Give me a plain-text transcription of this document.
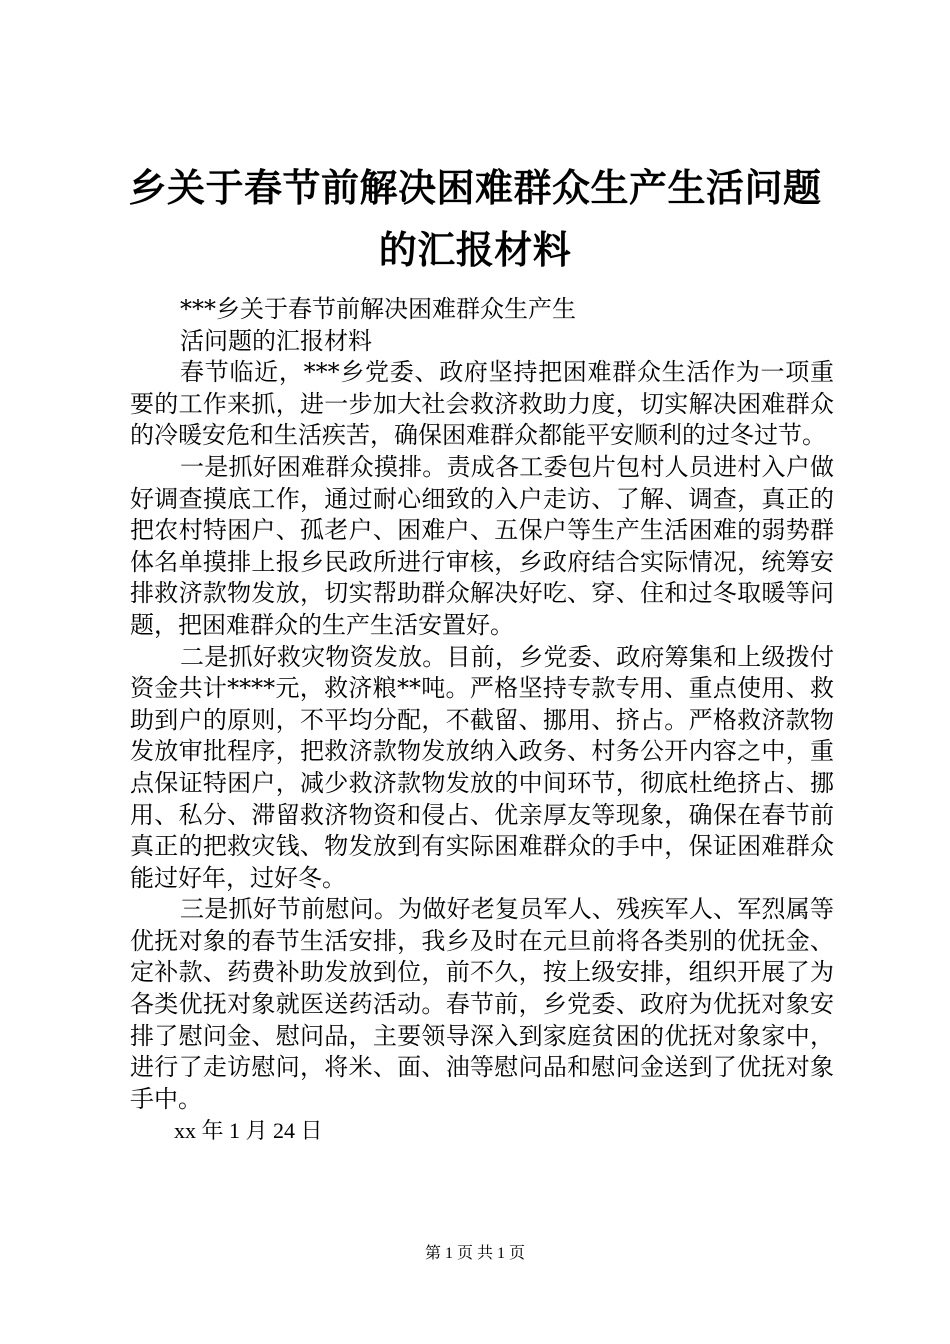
乡关于春节前解决困难群众生产生活问题的汇报材料

***乡关于春节前解决困难群众生产生
活问题的汇报材料

春节临近，***乡党委、政府坚持把困难群众生活作为一项重要的工作来抓，进一步加大社会救济救助力度，切实解决困难群众的冷暖安危和生活疾苦，确保困难群众都能平安顺利的过冬过节。

一是抓好困难群众摸排。责成各工委包片包村人员进村入户做好调查摸底工作，通过耐心细致的入户走访、了解、调查，真正的把农村特困户、孤老户、困难户、五保户等生产生活困难的弱势群体名单摸排上报乡民政所进行审核，乡政府结合实际情况，统筹安排救济款物发放，切实帮助群众解决好吃、穿、住和过冬取暖等问题，把困难群众的生产生活安置好。

二是抓好救灾物资发放。目前，乡党委、政府筹集和上级拨付资金共计****元，救济粮**吨。严格坚持专款专用、重点使用、救助到户的原则，不平均分配，不截留、挪用、挤占。严格救济款物发放审批程序，把救济款物发放纳入政务、村务公开内容之中，重点保证特困户，减少救济款物发放的中间环节，彻底杜绝挤占、挪用、私分、滞留救济物资和侵占、优亲厚友等现象，确保在春节前真正的把救灾钱、物发放到有实际困难群众的手中，保证困难群众能过好年，过好冬。

三是抓好节前慰问。为做好老复员军人、残疾军人、军烈属等优抚对象的春节生活安排，我乡及时在元旦前将各类别的优抚金、定补款、药费补助发放到位，前不久，按上级安排，组织开展了为各类优抚对象就医送药活动。春节前，乡党委、政府为优抚对象安排了慰问金、慰问品，主要领导深入到家庭贫困的优抚对象家中，进行了走访慰问，将米、面、油等慰问品和慰问金送到了优抚对象手中。

xx 年 1 月 24 日

第 1 页 共 1 页
